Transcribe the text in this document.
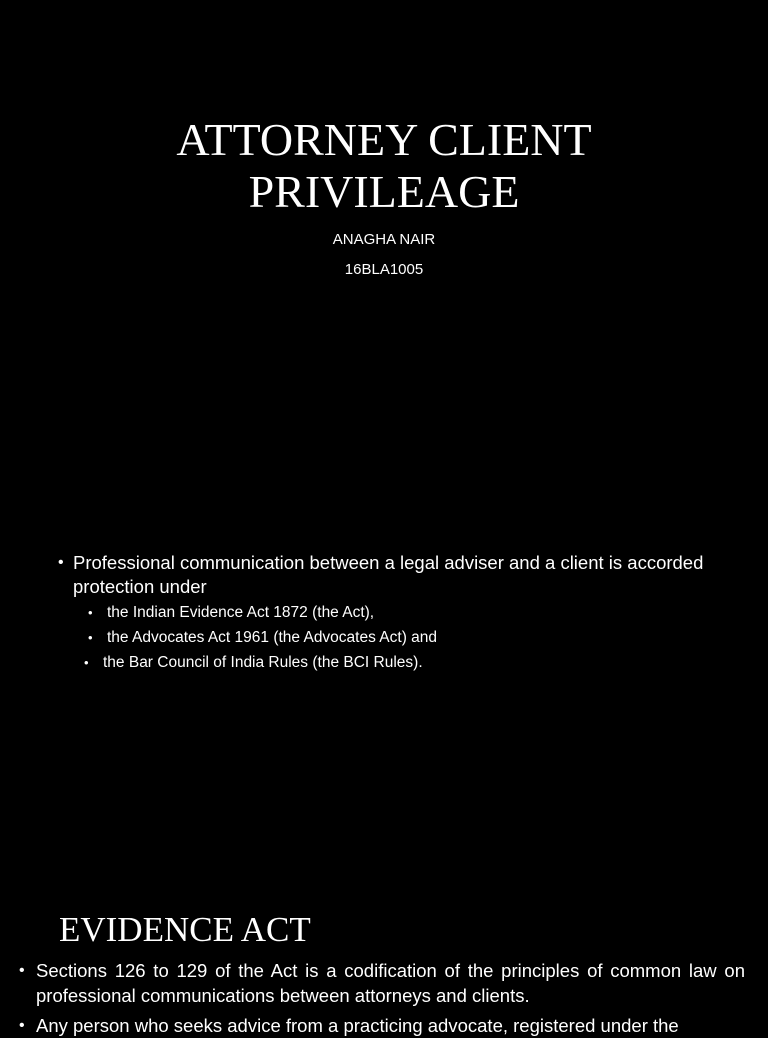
ATTORNEY CLIENT
PRIVILEAGE
ANAGHA NAIR
16BLA1005
• Professional communication between a legal adviser and a client is accorded protection under
• the Indian Evidence Act 1872 (the Act),
• the Advocates Act 1961 (the Advocates Act) and
• the Bar Council of India Rules (the BCI Rules).
EVIDENCE ACT
• Sections 126 to 129 of the Act is a codification of the principles of common law on professional communications between attorneys and clients.
• Any person who seeks advice from a practicing advocate, registered under the
